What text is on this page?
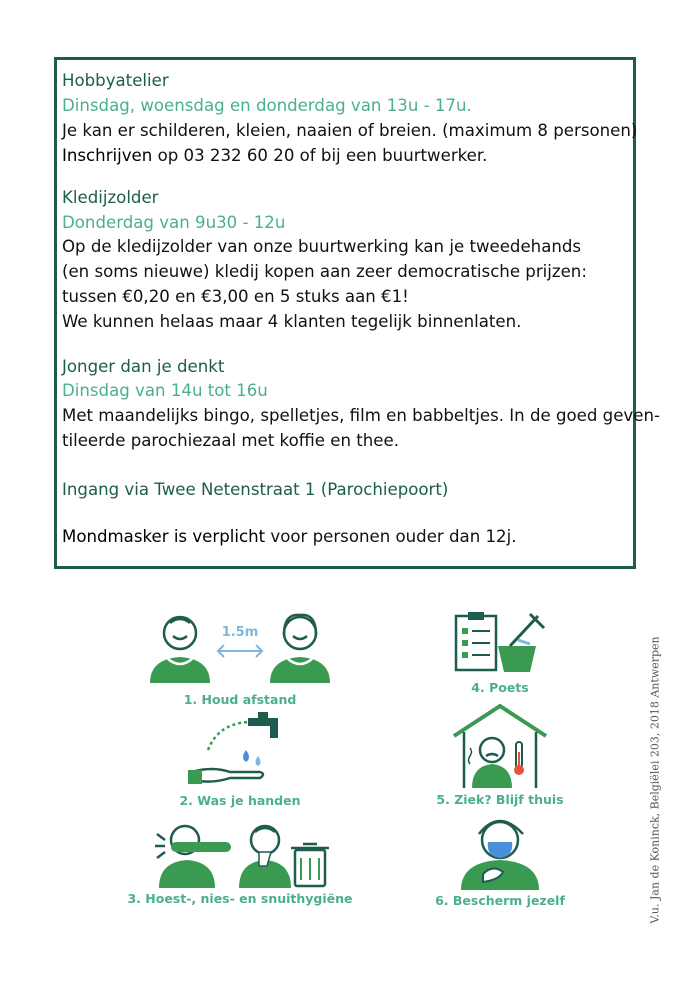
Hobbyatelier
Dinsdag, woensdag en donderdag van 13u - 17u.
Je kan er schilderen, kleien, naaien of breien. (maximum 8 personen)
Inschrijven op 03 232 60 20 of bij een buurtwerker.
Kledijzolder
Donderdag van 9u30 - 12u
Op de kledijzolder van onze buurtwerking kan je tweedehands
(en soms nieuwe) kledij kopen aan zeer democratische prijzen:
tussen €0,20 en €3,00 en 5 stuks aan €1!
We kunnen helaas maar 4 klanten tegelijk binnenlaten.
Jonger dan je denkt
Dinsdag van 14u tot 16u
Met maandelijks bingo, spelletjes, film en babbeltjes. In de goed geven-
tileerde parochiezaal met koffie en thee.
Ingang via Twee Netenstraat 1 (Parochiepoort)
Mondmasker is verplicht voor personen ouder dan 12j.
1.5m
1. Houd afstand
2. Was je handen
3. Hoest-, nies- en snuithygiëne
4. Poets
5. Ziek? Blijf thuis
6. Bescherm jezelf	V.u. Jan de Koninck, Belgiëlei 203, 2018 Antwerpen
